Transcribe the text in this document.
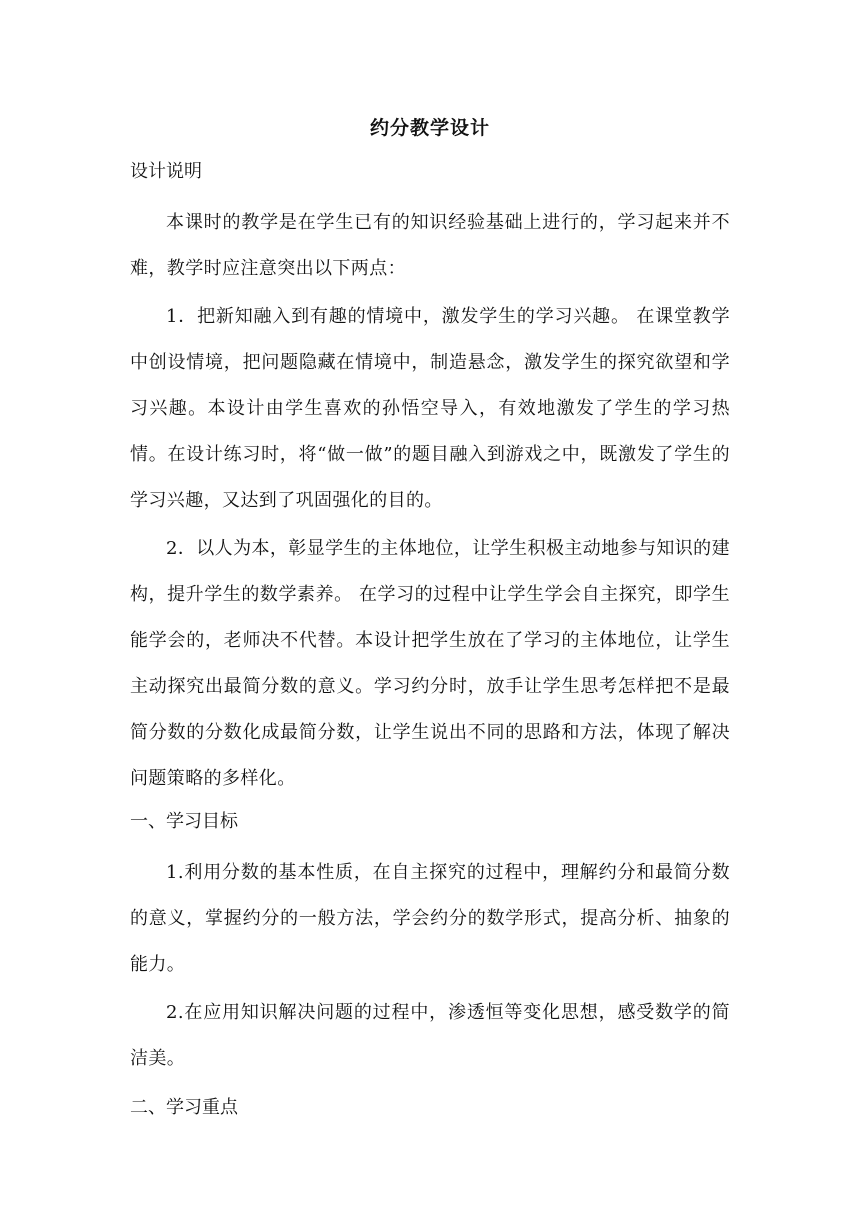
约分教学设计
设计说明

本课时的教学是在学生已有的知识经验基础上进行的，学习起来并不难，教学时应注意突出以下两点：

1．把新知融入到有趣的情境中，激发学生的学习兴趣。 在课堂教学中创设情境，把问题隐藏在情境中，制造悬念，激发学生的探究欲望和学习兴趣。本设计由学生喜欢的孙悟空导入，有效地激发了学生的学习热情。在设计练习时，将“做一做”的题目融入到游戏之中，既激发了学生的学习兴趣，又达到了巩固强化的目的。

2．以人为本，彰显学生的主体地位，让学生积极主动地参与知识的建构，提升学生的数学素养。 在学习的过程中让学生学会自主探究，即学生能学会的，老师决不代替。本设计把学生放在了学习的主体地位，让学生主动探究出最简分数的意义。学习约分时，放手让学生思考怎样把不是最简分数的分数化成最简分数，让学生说出不同的思路和方法，体现了解决问题策略的多样化。

一、学习目标

1.利用分数的基本性质，在自主探究的过程中，理解约分和最简分数的意义，掌握约分的一般方法，学会约分的数学形式，提高分析、抽象的能力。

2.在应用知识解决问题的过程中，渗透恒等变化思想，感受数学的简洁美。

二、学习重点
